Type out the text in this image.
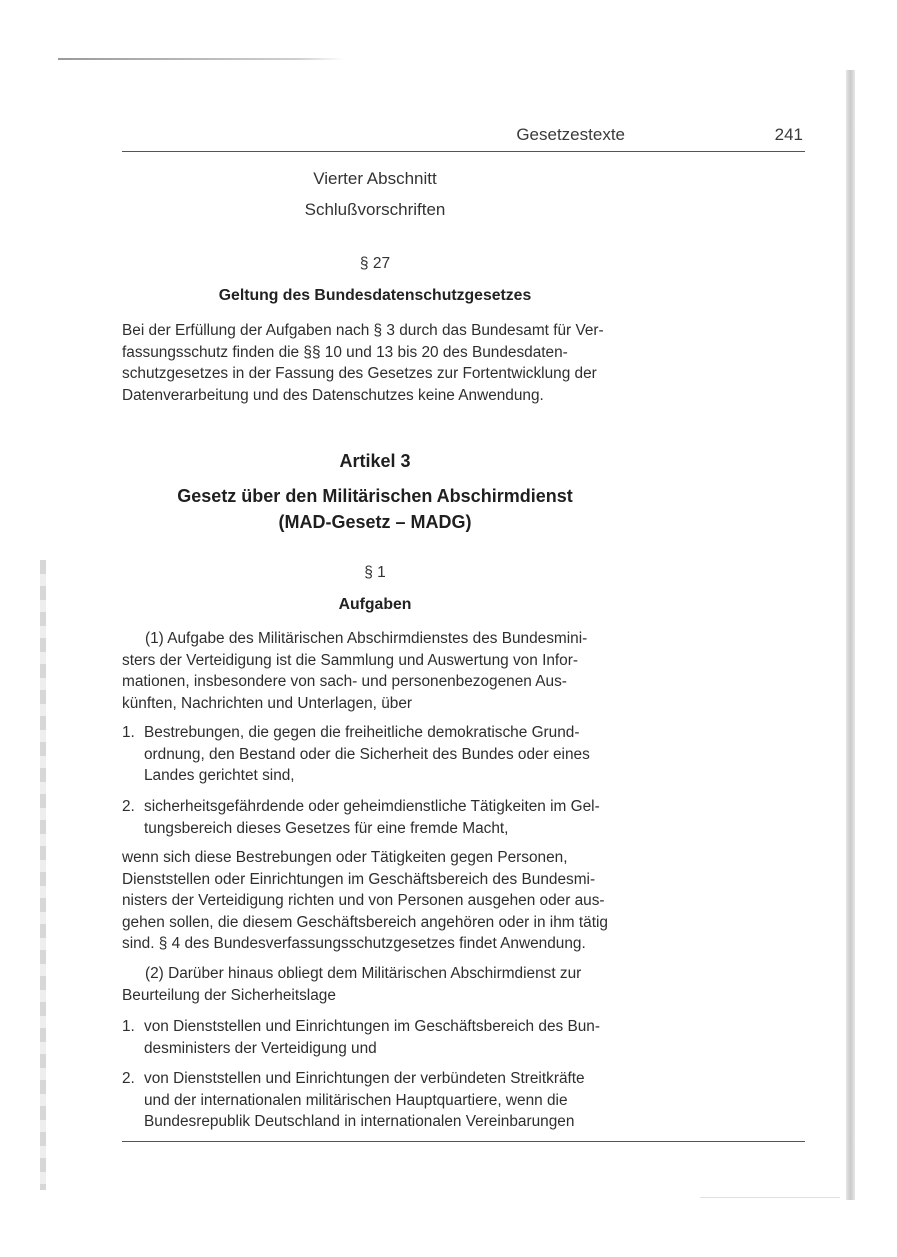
Gesetzestexte	241
Vierter Abschnitt
Schlußvorschriften
§ 27
Geltung des Bundesdatenschutzgesetzes
Bei der Erfüllung der Aufgaben nach § 3 durch das Bundesamt für Ver-
fassungsschutz finden die §§ 10 und 13 bis 20 des Bundesdaten-
schutzgesetzes in der Fassung des Gesetzes zur Fortentwicklung der
Datenverarbeitung und des Datenschutzes keine Anwendung.
Artikel 3
Gesetz über den Militärischen Abschirmdienst
(MAD-Gesetz – MADG)
§ 1
Aufgaben
(1) Aufgabe des Militärischen Abschirmdienstes des Bundesmini-
sters der Verteidigung ist die Sammlung und Auswertung von Infor-
mationen, insbesondere von sach- und personenbezogenen Aus-
künften, Nachrichten und Unterlagen, über
1. Bestrebungen, die gegen die freiheitliche demokratische Grund-
ordnung, den Bestand oder die Sicherheit des Bundes oder eines
Landes gerichtet sind,
2. sicherheitsgefährdende oder geheimdienstliche Tätigkeiten im Gel-
tungsbereich dieses Gesetzes für eine fremde Macht,
wenn sich diese Bestrebungen oder Tätigkeiten gegen Personen,
Dienststellen oder Einrichtungen im Geschäftsbereich des Bundesmi-
nisters der Verteidigung richten und von Personen ausgehen oder aus-
gehen sollen, die diesem Geschäftsbereich angehören oder in ihm tätig
sind. § 4 des Bundesverfassungsschutzgesetzes findet Anwendung.
(2) Darüber hinaus obliegt dem Militärischen Abschirmdienst zur
Beurteilung der Sicherheitslage
1. von Dienststellen und Einrichtungen im Geschäftsbereich des Bun-
desministers der Verteidigung und
2. von Dienststellen und Einrichtungen der verbündeten Streitkräfte
und der internationalen militärischen Hauptquartiere, wenn die
Bundesrepublik Deutschland in internationalen Vereinbarungen
